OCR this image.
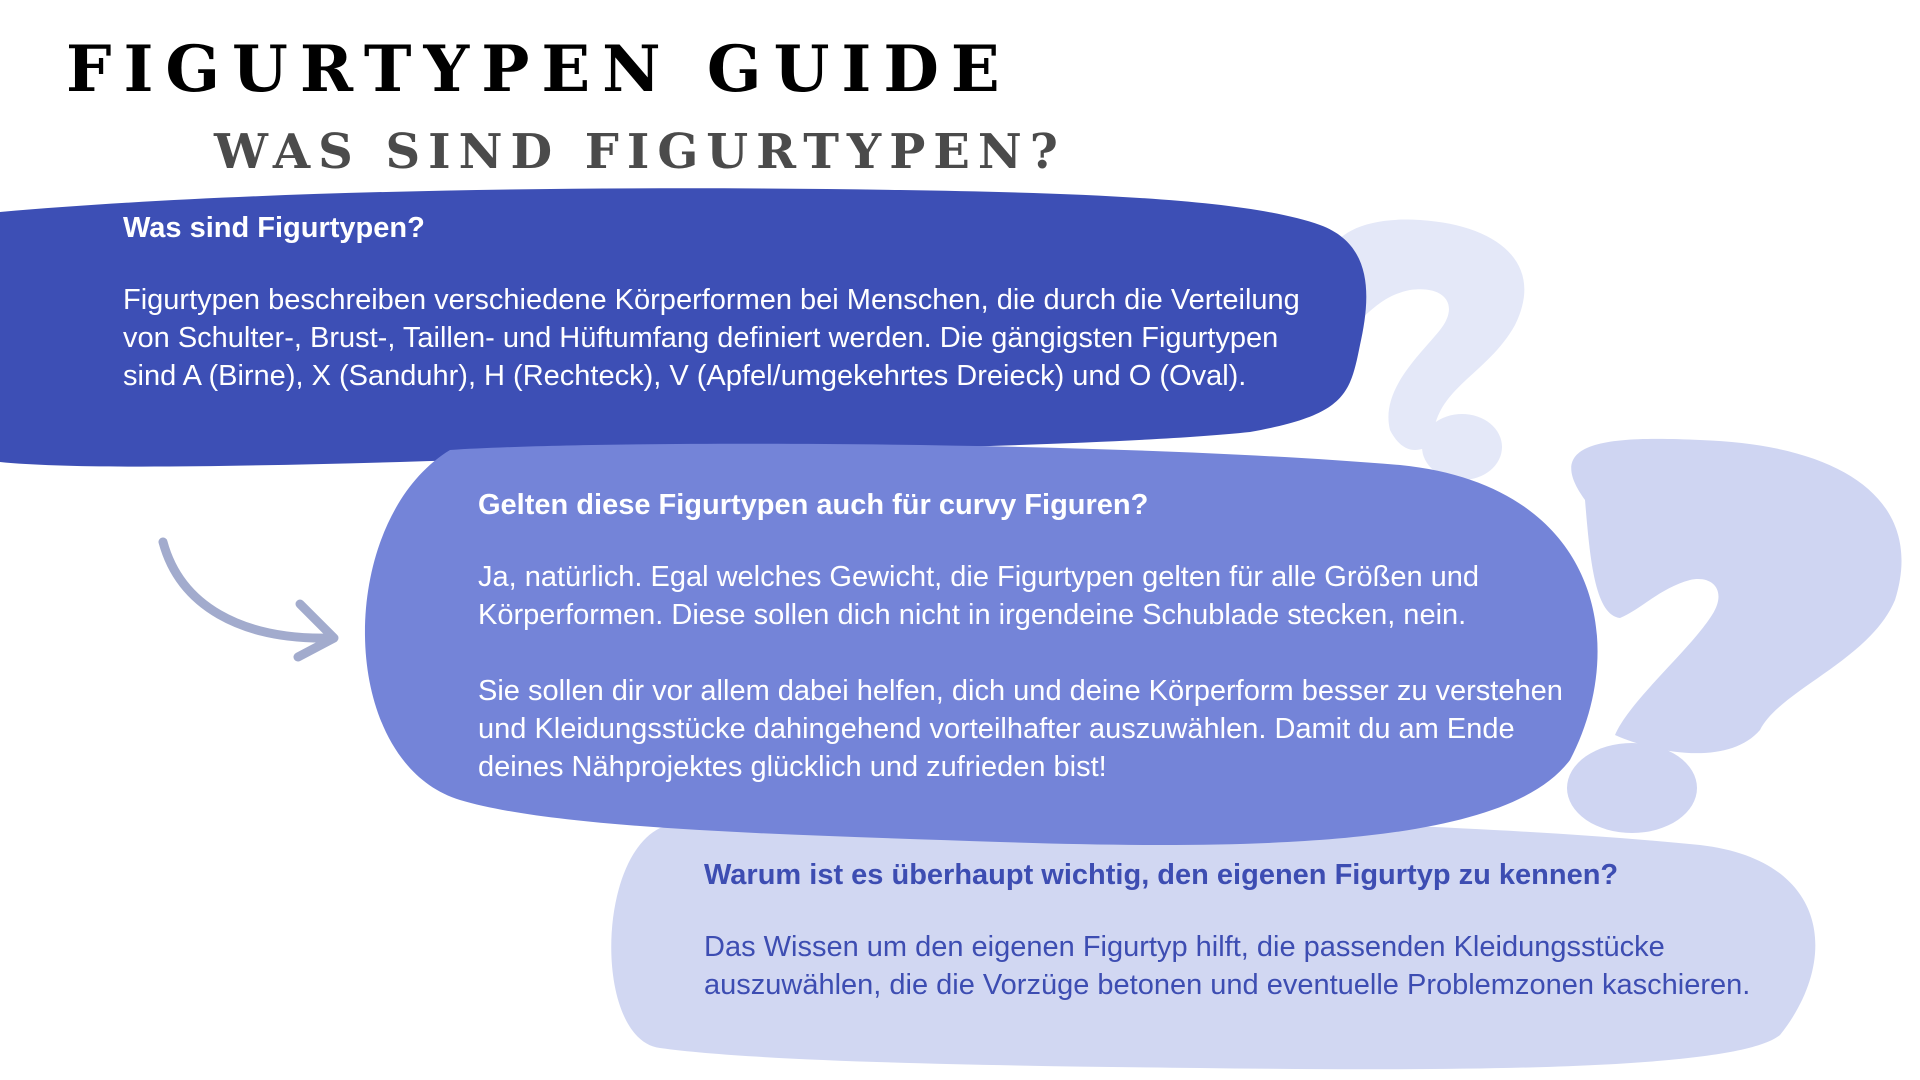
FIGURTYPEN GUIDE
WAS SIND FIGURTYPEN?
Was sind Figurtypen?

Figurtypen beschreiben verschiedene Körperformen bei Menschen, die durch die Verteilung von Schulter-, Brust-, Taillen- und Hüftumfang definiert werden. Die gängigsten Figurtypen sind A (Birne), X (Sanduhr), H (Rechteck), V (Apfel/umgekehrtes Dreieck) und O (Oval).

Gelten diese Figurtypen auch für curvy Figuren?

Ja, natürlich. Egal welches Gewicht, die Figurtypen gelten für alle Größen und Körperformen. Diese sollen dich nicht in irgendeine Schublade stecken, nein.

Sie sollen dir vor allem dabei helfen, dich und deine Körperform besser zu verstehen und Kleidungsstücke dahingehend vorteilhafter auszuwählen. Damit du am Ende deines Nähprojektes glücklich und zufrieden bist!

Warum ist es überhaupt wichtig, den eigenen Figurtyp zu kennen?

Das Wissen um den eigenen Figurtyp hilft, die passenden Kleidungsstücke auszuwählen, die die Vorzüge betonen und eventuelle Problemzonen kaschieren.
